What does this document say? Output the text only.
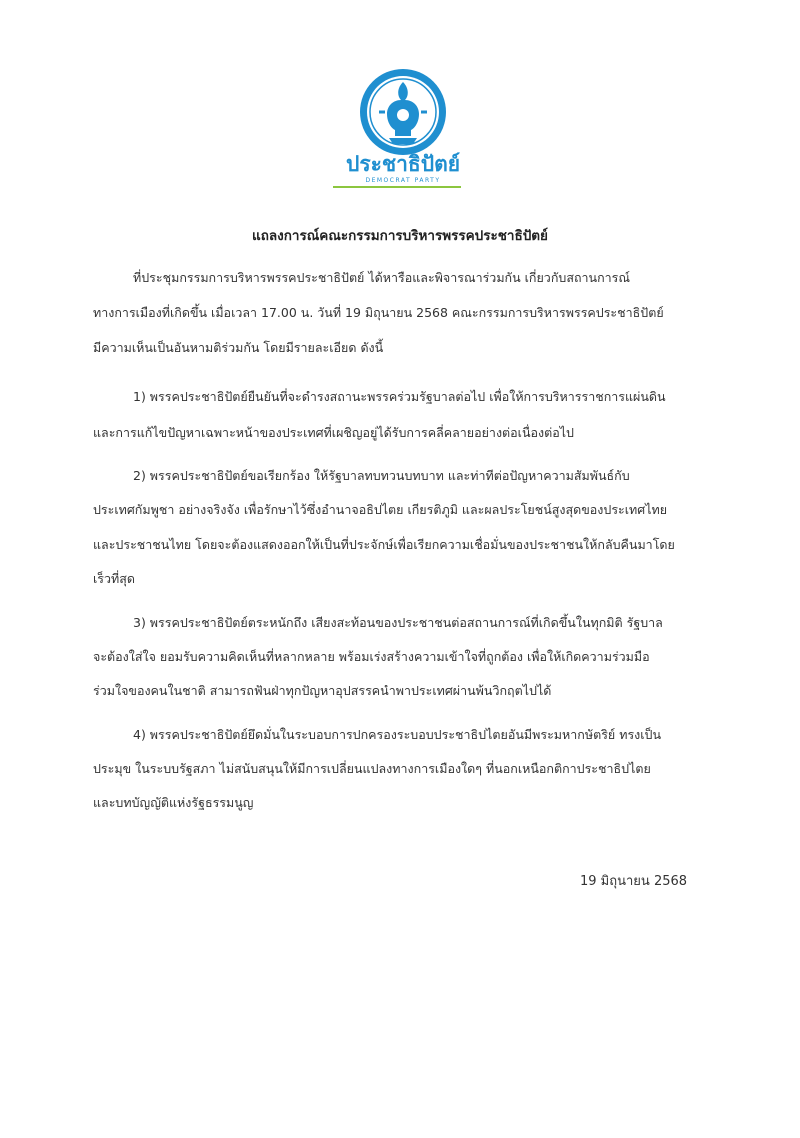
ประชาธิปัตย์
DEMOCRAT PARTY
แถลงการณ์คณะกรรมการบริหารพรรคประชาธิปัตย์
ที่ประชุมกรรมการบริหารพรรคประชาธิปัตย์ ได้หารือและพิจารณาร่วมกัน เกี่ยวกับสถานการณ์
ทางการเมืองที่เกิดขึ้น เมื่อเวลา 17.00 น. วันที่ 19 มิถุนายน 2568 คณะกรรมการบริหารพรรคประชาธิปัตย์
มีความเห็นเป็นอันหามติร่วมกัน โดยมีรายละเอียด ดังนี้
1) พรรคประชาธิปัตย์ยืนยันที่จะดำรงสถานะพรรคร่วมรัฐบาลต่อไป เพื่อให้การบริหารราชการแผ่นดิน
และการแก้ไขปัญหาเฉพาะหน้าของประเทศที่เผชิญอยู่ได้รับการคลี่คลายอย่างต่อเนื่องต่อไป
2) พรรคประชาธิปัตย์ขอเรียกร้อง ให้รัฐบาลทบทวนบทบาท และท่าทีต่อปัญหาความสัมพันธ์กับ
ประเทศกัมพูชา อย่างจริงจัง เพื่อรักษาไว้ซึ่งอำนาจอธิปไตย เกียรติภูมิ และผลประโยชน์สูงสุดของประเทศไทย
และประชาชนไทย โดยจะต้องแสดงออกให้เป็นที่ประจักษ์เพื่อเรียกความเชื่อมั่นของประชาชนให้กลับคืนมาโดย
เร็วที่สุด
3) พรรคประชาธิปัตย์ตระหนักถึง เสียงสะท้อนของประชาชนต่อสถานการณ์ที่เกิดขึ้นในทุกมิติ รัฐบาล
จะต้องใส่ใจ ยอมรับความคิดเห็นที่หลากหลาย พร้อมเร่งสร้างความเข้าใจที่ถูกต้อง เพื่อให้เกิดความร่วมมือ
ร่วมใจของคนในชาติ สามารถฟันฝ่าทุกปัญหาอุปสรรคนำพาประเทศผ่านพ้นวิกฤตไปได้
4) พรรคประชาธิปัตย์ยึดมั่นในระบอบการปกครองระบอบประชาธิปไตยอันมีพระมหากษัตริย์ ทรงเป็น
ประมุข ในระบบรัฐสภา ไม่สนับสนุนให้มีการเปลี่ยนแปลงทางการเมืองใดๆ ที่นอกเหนือกติกาประชาธิปไตย
และบทบัญญัติแห่งรัฐธรรมนูญ
19 มิถุนายน 2568
